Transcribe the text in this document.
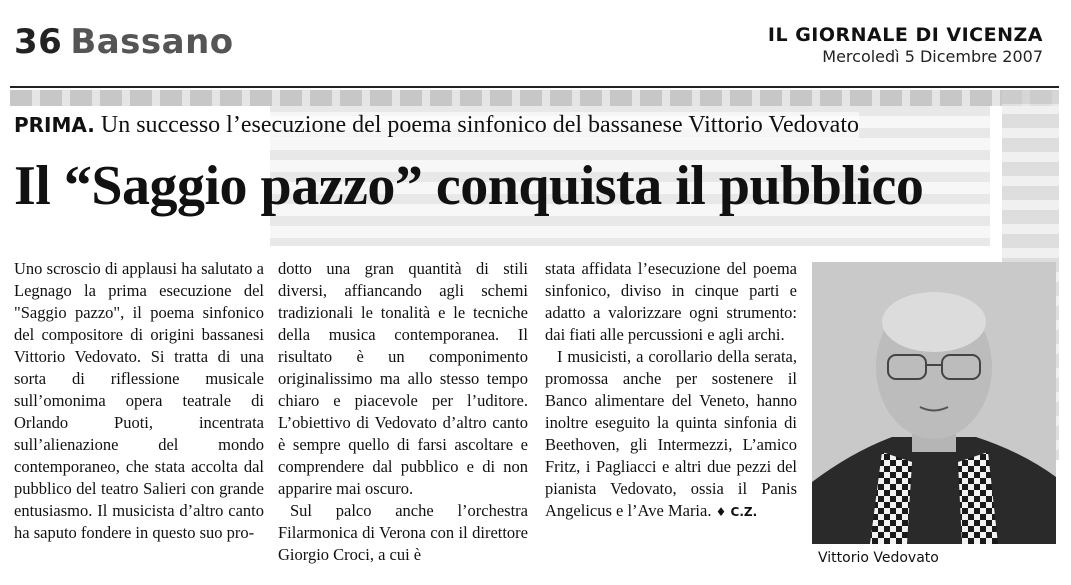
36 Bassano	IL GIORNALE DI VICENZA
Mercoledì 5 Dicembre 2007
PRIMA. Un successo l’esecuzione del poema sinfonico del bassanese Vittorio Vedovato
Il “Saggio pazzo” conquista il pubblico

Uno scroscio di applausi ha salutato a Legnago la prima esecuzione del "Saggio pazzo", il poema sinfonico del compositore di origini bassanesi Vittorio Vedovato. Si tratta di una sorta di riflessione musicale sull’omonima opera teatrale di Orlando Puoti, incentrata sull’alienazione del mondo contemporaneo, che stata accolta dal pubblico del teatro Salieri con grande entusiasmo. Il musicista d’altro canto ha saputo fondere in questo suo pro-

dotto una gran quantità di stili diversi, affiancando agli schemi tradizionali le tonalità e le tecniche della musica contemporanea. Il risultato è un componimento originalissimo ma allo stesso tempo chiaro e piacevole per l’uditore. L’obiettivo di Vedovato d’altro canto è sempre quello di farsi ascoltare e comprendere dal pubblico e di non apparire mai oscuro.

Sul palco anche l’orchestra Filarmonica di Verona con il direttore Giorgio Croci, a cui è

stata affidata l’esecuzione del poema sinfonico, diviso in cinque parti e adatto a valorizzare ogni strumento: dai fiati alle percussioni e agli archi.

I musicisti, a corollario della serata, promossa anche per sostenere il Banco alimentare del Veneto, hanno inoltre eseguito la quinta sinfonia di Beethoven, gli Intermezzi, L’amico Fritz, i Pagliacci e altri due pezzi del pianista Vedovato, ossia il Panis Angelicus e l’Ave Maria. ♦ C.Z.

Vittorio Vedovato
